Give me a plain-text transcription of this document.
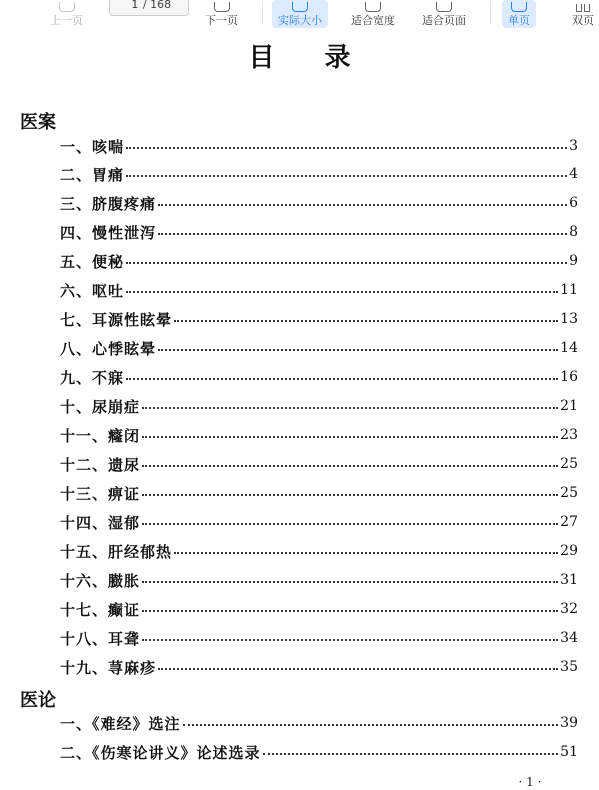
上一页
1
/ 168
下一页	实际大小	适合宽度 适合页面	单页	双页
目录
医案
一、咳喘	3
二、胃痛	4
三、脐腹疼痛	6
四、慢性泄泻	8
五、便秘	9
六、呕吐	11
七、耳源性眩晕	13
八、心悸眩晕	14
九、不寐	16
十、尿崩症	21
十一、癃闭	23
十二、遗尿	25
十三、痹证	25
十四、湿郁	27
十五、肝经郁热	29
十六、臌胀	31
十七、癫证	32
十八、耳聋	34
十九、荨麻疹	35
医论
一、《难经》选注	39
二、《伤寒论讲义》论述选录	51
· 1 ·
